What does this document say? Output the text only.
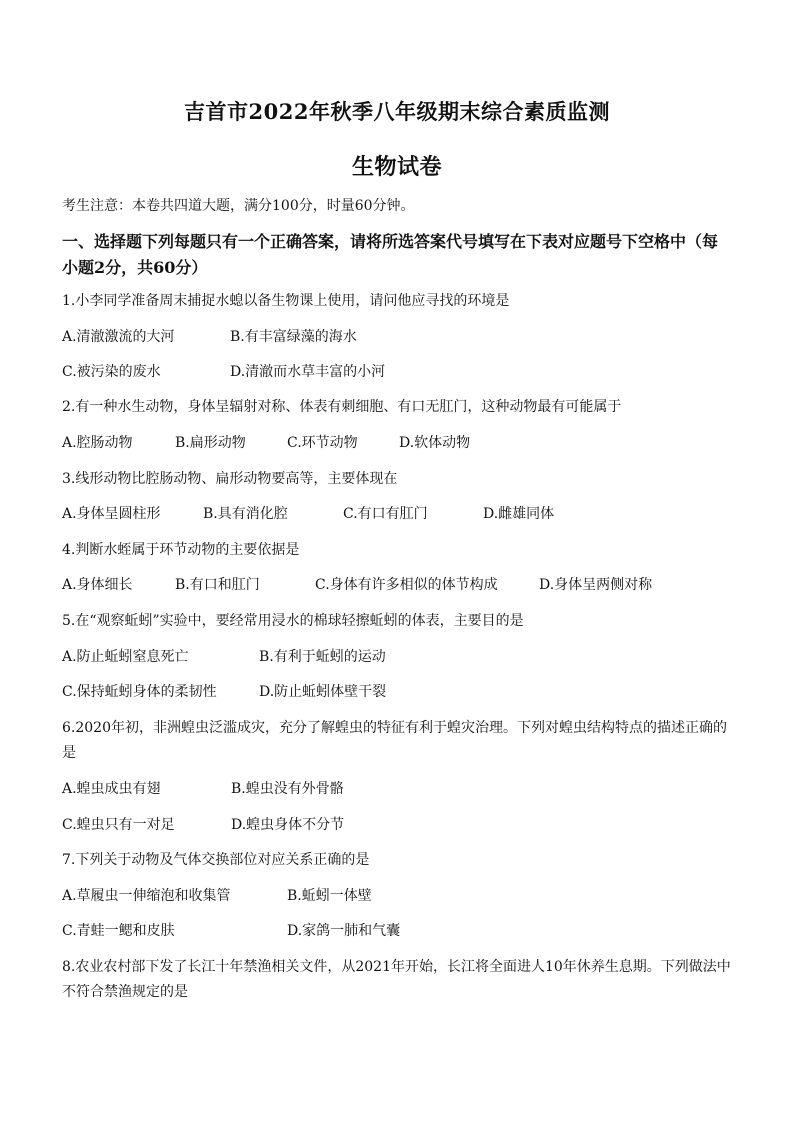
吉首市2022年秋季八年级期末综合素质监测
生物试卷
考生注意：本卷共四道大题，满分100分，时量60分钟。
一、选择题下列每题只有一个正确答案，请将所选答案代号填写在下表对应题号下空格中（每
小题2分，共60分）
1.小李同学准备周末捕捉水螅以备生物课上使用，请问他应寻找的环境是
A.清澈激流的大河	B.有丰富绿藻的海水
C.被污染的废水	D.清澈而水草丰富的小河
2.有一种水生动物，身体呈辐射对称、体表有刺细胞、有口无肛门，这种动物最有可能属于
A.腔肠动物	B.扁形动物	C.环节动物	D.软体动物
3.线形动物比腔肠动物、扁形动物要高等，主要体现在
A.身体呈圆柱形	B.具有消化腔	C.有口有肛门	D.雌雄同体
4.判断水蛭属于环节动物的主要依据是
A.身体细长	B.有口和肛门	C.身体有许多相似的体节构成	D.身体呈两侧对称
5.在“观察蚯蚓”实验中，要经常用浸水的棉球轻擦蚯蚓的体表，主要目的是
A.防止蚯蚓窒息死亡	B.有利于蚯蚓的运动
C.保持蚯蚓身体的柔韧性	D.防止蚯蚓体壁干裂
6.2020年初，非洲蝗虫泛滥成灾，充分了解蝗虫的特征有利于蝗灾治理。下列对蝗虫结构特点的描述正确的
是
A.蝗虫成虫有翅	B.蝗虫没有外骨骼
C.蝗虫只有一对足	D.蝗虫身体不分节
7.下列关于动物及气体交换部位对应关系正确的是
A.草履虫一伸缩泡和收集管	B.蚯蚓一体壁
C.青蛙一鳃和皮肤	D.家鸽一肺和气囊
8.农业农村部下发了长江十年禁渔相关文件，从2021年开始，长江将全面进人10年休养生息期。下列做法中
不符合禁渔规定的是
